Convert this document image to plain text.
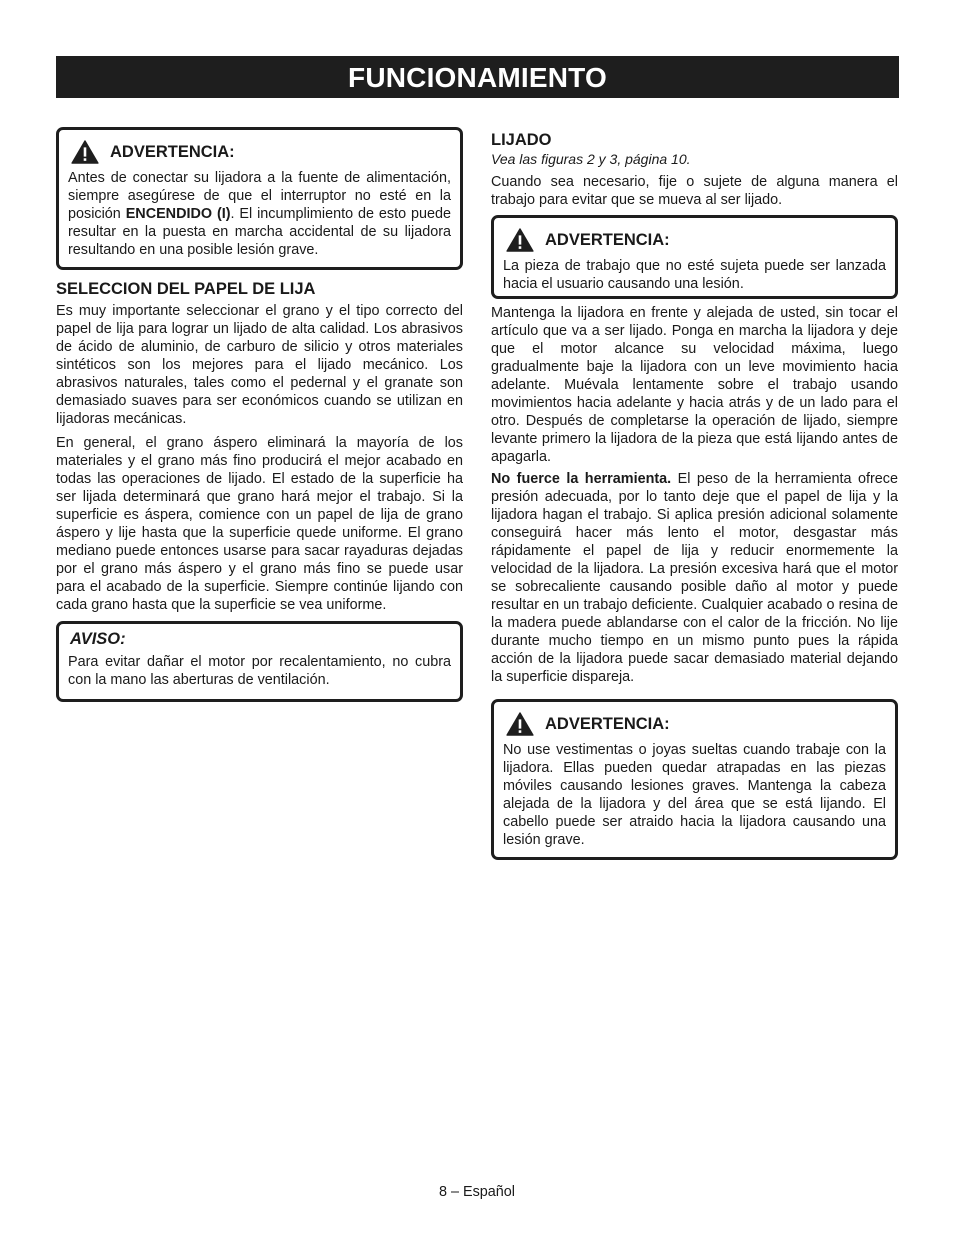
FUNCIONAMIENTO
ADVERTENCIA:

Antes de conectar su lijadora a la fuente de alimentación, siempre asegúrese de que el interruptor no esté en la posición ENCENDIDO (I). El incumplimiento de esto puede resultar en la puesta en marcha accidental de su lijadora resultando en una posible lesión grave.

SELECCION DEL PAPEL DE LIJA

Es muy importante seleccionar el grano y el tipo correcto del papel de lija para lograr un lijado de alta calidad. Los abrasivos de ácido de aluminio, de carburo de silicio y otros materiales sintéticos son los mejores para el lijado mecánico. Los abrasivos naturales, tales como el pedernal y el granate son demasiado suaves para ser económicos cuando se utilizan en lijadoras mecánicas.

En general, el grano áspero eliminará la mayoría de los materiales y el grano más fino producirá el mejor acabado en todas las operaciones de lijado. El estado de la superficie ha ser lijada determinará que grano hará mejor el trabajo. Si la superficie es áspera, comience con un papel de lija de grano áspero y lije hasta que la superficie quede uniforme. El grano mediano puede entonces usarse para sacar rayaduras dejadas por el grano más áspero y el grano más fino se puede usar para el acabado de la superficie. Siempre continúe lijando con cada grano hasta que la superficie se vea uniforme.

AVISO:

Para evitar dañar el motor por recalentamiento, no cubra con la mano las aberturas de ventilación.

LIJADO

Vea las figuras 2 y 3, página 10.

Cuando sea necesario, fije o sujete de alguna manera el trabajo para evitar que se mueva al ser lijado.

ADVERTENCIA:

La pieza de trabajo que no esté sujeta puede ser lanzada hacia el usuario causando una lesión.

Mantenga la lijadora en frente y alejada de usted, sin tocar el artículo que va a ser lijado. Ponga en marcha la lijadora y deje que el motor alcance su velocidad máxima, luego gradualmente baje la lijadora con un leve movimiento hacia adelante. Muévala lentamente sobre el trabajo usando movimientos hacia adelante y hacia atrás y de un lado para el otro. Después de completarse la operación de lijado, siempre levante primero la lijadora de la pieza que está lijando antes de apagarla.

No fuerce la herramienta. El peso de la herramienta ofrece presión adecuada, por lo tanto deje que el papel de lija y la lijadora hagan el trabajo. Si aplica presión adicional solamente conseguirá hacer más lento el motor, desgastar más rápidamente el papel de lija y reducir enormemente la velocidad de la lijadora. La presión excesiva hará que el motor se sobrecaliente causando posible daño al motor y puede resultar en un trabajo deficiente. Cualquier acabado o resina de la madera puede ablandarse con el calor de la fricción. No lije durante mucho tiempo en un mismo punto pues la rápida acción de la lijadora puede sacar demasiado material dejando la superficie dispareja.

ADVERTENCIA:

No use vestimentas o joyas sueltas cuando trabaje con la lijadora. Ellas pueden quedar atrapadas en las piezas móviles causando lesiones graves. Mantenga la cabeza alejada de la lijadora y del área que se está lijando. El cabello puede ser atraido hacia la lijadora causando una lesión grave.

8 – Español
